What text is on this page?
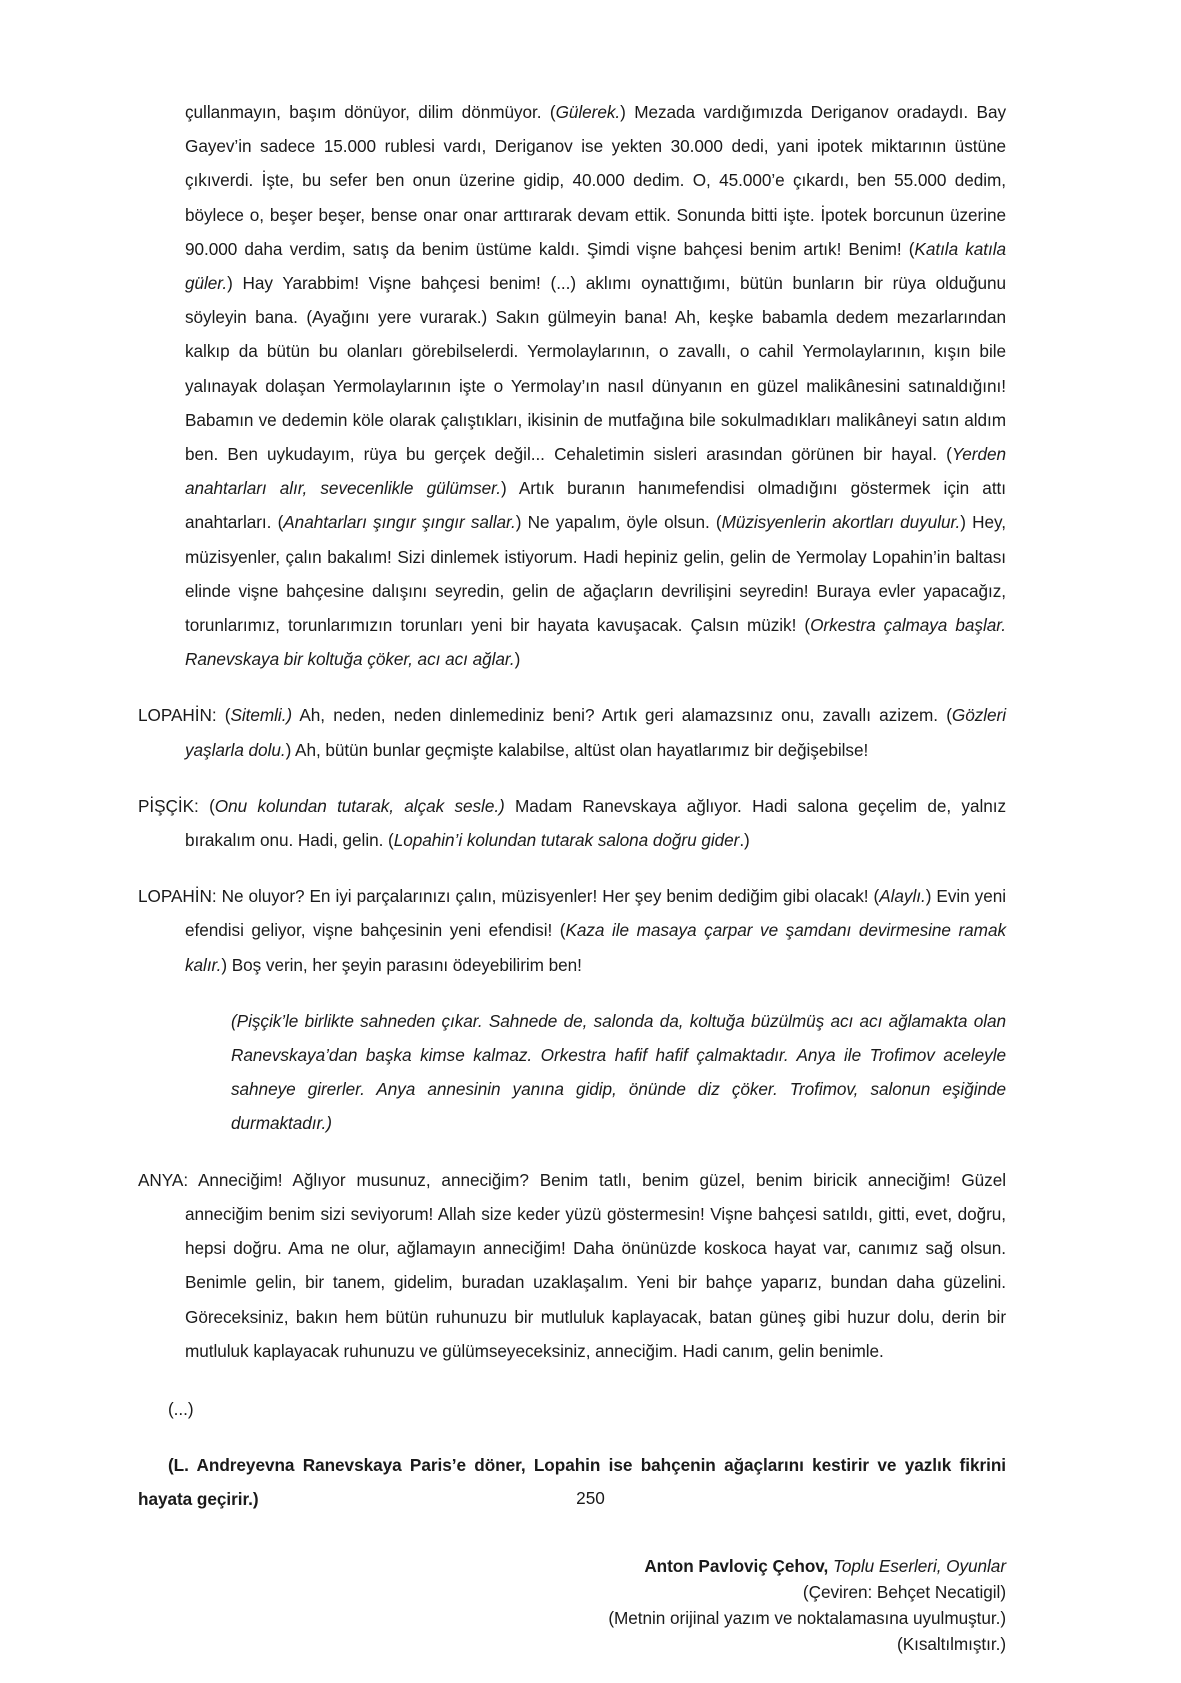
çullanmayın, başım dönüyor, dilim dönmüyor. (Gülerek.) Mezada vardığımızda Deriganov oradaydı. Bay Gayev’in sadece 15.000 rublesi vardı, Deriganov ise yekten 30.000 dedi, yani ipotek miktarının üstüne çıkıverdi. İşte, bu sefer ben onun üzerine gidip, 40.000 dedim. O, 45.000’e çıkardı, ben 55.000 dedim, böylece o, beşer beşer, bense onar onar arttırarak devam ettik. Sonunda bitti işte. İpotek borcunun üzerine 90.000 daha verdim, satış da benim üstüme kaldı. Şimdi vişne bahçesi benim artık! Benim! (Katıla katıla güler.) Hay Yarabbim! Vişne bahçesi benim! (...) aklımı oynattığımı, bütün bunların bir rüya olduğunu söyleyin bana. (Ayağını yere vurarak.) Sakın gülmeyin bana! Ah, keşke babamla dedem mezarlarından kalkıp da bütün bu olanları görebilselerdi. Yermolaylarının, o zavallı, o cahil Yermolaylarının, kışın bile yalınayak dolaşan Yermolaylarının işte o Yermolay’ın nasıl dünyanın en güzel malikânesini satınaldığını! Babamın ve dedemin köle olarak çalıştıkları, ikisinin de mutfağına bile sokulmadıkları malikâneyi satın aldım ben. Ben uykudayım, rüya bu gerçek değil... Cehaletimin sisleri arasından görünen bir hayal. (Yerden anahtarları alır, sevecenlikle gülümser.) Artık buranın hanımefendisi olmadığını göstermek için attı anahtarları. (Anahtarları şıngır şıngır sallar.) Ne yapalım, öyle olsun. (Müzisyenlerin akortları duyulur.) Hey, müzisyenler, çalın bakalım! Sizi dinlemek istiyorum. Hadi hepiniz gelin, gelin de Yermolay Lopahin’in baltası elinde vişne bahçesine dalışını seyredin, gelin de ağaçların devrilişini seyredin! Buraya evler yapacağız, torunlarımız, torunlarımızın torunları yeni bir hayata kavuşacak. Çalsın müzik! (Orkestra çalmaya başlar. Ranevskaya bir koltuğa çöker, acı acı ağlar.)

LOPAHİN: (Sitemli.) Ah, neden, neden dinlemediniz beni? Artık geri alamazsınız onu, zavallı azizem. (Gözleri yaşlarla dolu.) Ah, bütün bunlar geçmişte kalabilse, altüst olan hayatlarımız bir değişebilse!

PİŞÇİK: (Onu kolundan tutarak, alçak sesle.) Madam Ranevskaya ağlıyor. Hadi salona geçelim de, yalnız bırakalım onu. Hadi, gelin. (Lopahin’i kolundan tutarak salona doğru gider.)

LOPAHİN: Ne oluyor? En iyi parçalarınızı çalın, müzisyenler! Her şey benim dediğim gibi olacak! (Alaylı.) Evin yeni efendisi geliyor, vişne bahçesinin yeni efendisi! (Kaza ile masaya çarpar ve şamdanı devirmesine ramak kalır.) Boş verin, her şeyin parasını ödeyebilirim ben!

(Pişçik’le birlikte sahneden çıkar. Sahnede de, salonda da, koltuğa büzülmüş acı acı ağlamakta olan Ranevskaya’dan başka kimse kalmaz. Orkestra hafif hafif çalmaktadır. Anya ile Trofimov aceleyle sahneye girerler. Anya annesinin yanına gidip, önünde diz çöker. Trofimov, salonun eşiğinde durmaktadır.)

ANYA: Anneciğim! Ağlıyor musunuz, anneciğim? Benim tatlı, benim güzel, benim biricik anneciğim! Güzel anneciğim benim sizi seviyorum! Allah size keder yüzü göstermesin! Vişne bahçesi satıldı, gitti, evet, doğru, hepsi doğru. Ama ne olur, ağlamayın anneciğim! Daha önünüzde koskoca hayat var, canımız sağ olsun. Benimle gelin, bir tanem, gidelim, buradan uzaklaşalım. Yeni bir bahçe yaparız, bundan daha güzelini. Göreceksiniz, bakın hem bütün ruhunuzu bir mutluluk kaplayacak, batan güneş gibi huzur dolu, derin bir mutluluk kaplayacak ruhunuzu ve gülümseyeceksiniz, anneciğim. Hadi canım, gelin benimle.

(...)

(L. Andreyevna Ranevskaya Paris’e döner, Lopahin ise bahçenin ağaçlarını kestirir ve yazlık fikrini hayata geçirir.)

Anton Pavloviç Çehov, Toplu Eserleri, Oyunlar
(Çeviren: Behçet Necatigil)
(Metnin orijinal yazım ve noktalamasına uyulmuştur.)
(Kısaltılmıştır.)
250
